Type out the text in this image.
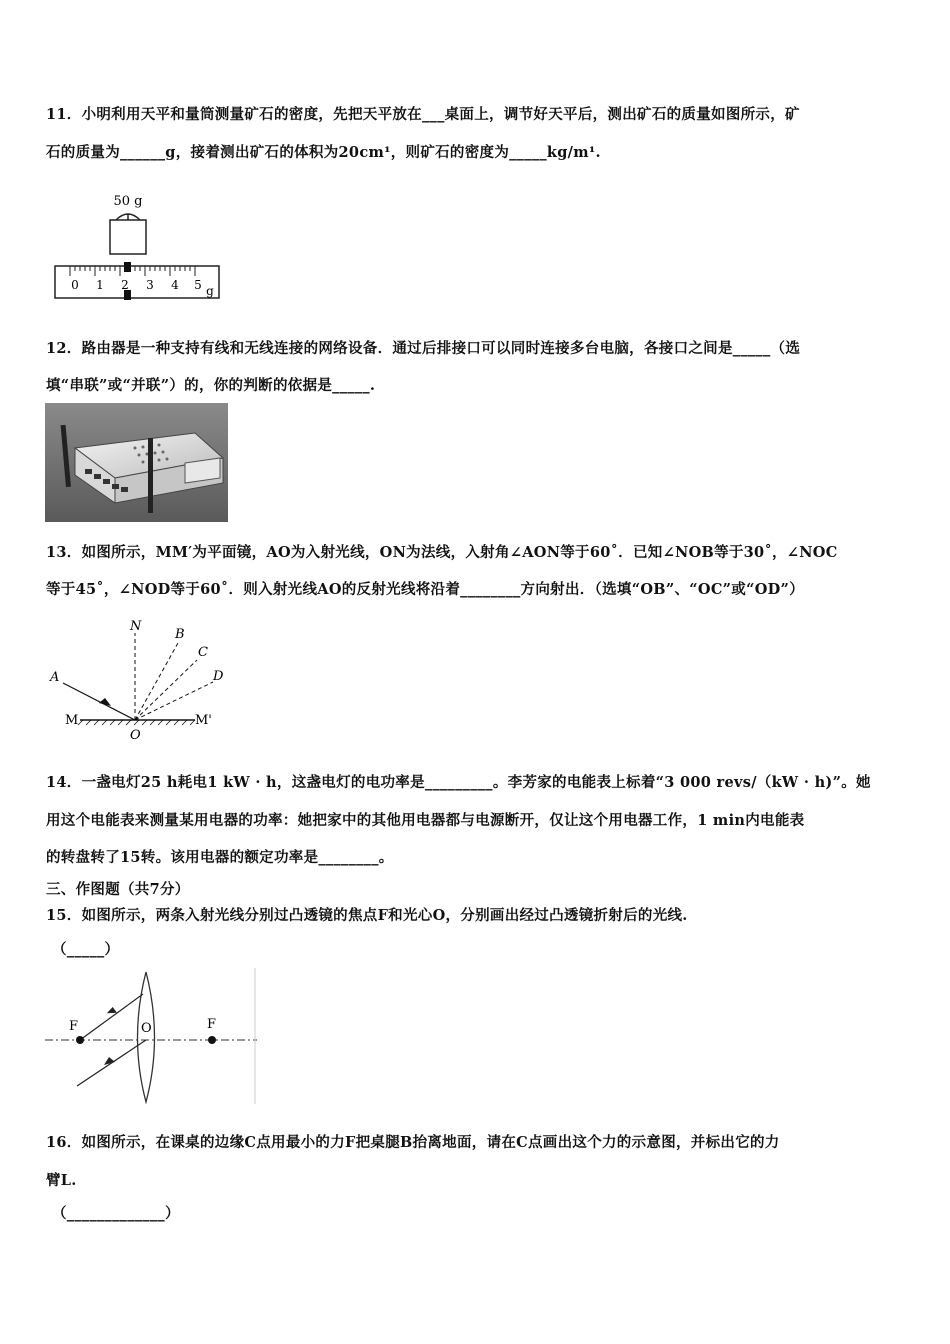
11．小明利用天平和量筒测量矿石的密度，先把天平放在___桌面上，调节好天平后，测出矿石的质量如图所示，矿
石的质量为______g，接着测出矿石的体积为20cm¹，则矿石的密度为_____kg/m¹.
50 g
0 1 2 3 4 5 g
12．路由器是一种支持有线和无线连接的网络设备．通过后排接口可以同时连接多台电脑，各接口之间是_____（选
填“串联”或“并联”）的，你的判断的依据是_____.
13．如图所示，MM′为平面镜，AO为入射光线，ON为法线，入射角∠AON等于60˚．已知∠NOB等于30˚，∠NOC
等于45˚，∠NOD等于60˚．则入射光线AO的反射光线将沿着________方向射出．（选填“OB”、“OC”或“OD”）
N
B
C
D
A
O
M	M'
14．一盏电灯25 h耗电1 kW · h，这盏电灯的电功率是_________。李芳家的电能表上标着“3 000 revs/（kW · h)”。她
用这个电能表来测量某用电器的功率：她把家中的其他用电器都与电源断开，仅让这个用电器工作，1 min内电能表
的转盘转了15转。该用电器的额定功率是________。
三、作图题（共7分）
15．如图所示，两条入射光线分别过凸透镜的焦点F和光心O，分别画出经过凸透镜折射后的光线.
（_____）
F	F
O
16．如图所示，在课桌的边缘C点用最小的力F把桌腿B抬离地面，请在C点画出这个力的示意图，并标出它的力
臂L.
（_____________）
